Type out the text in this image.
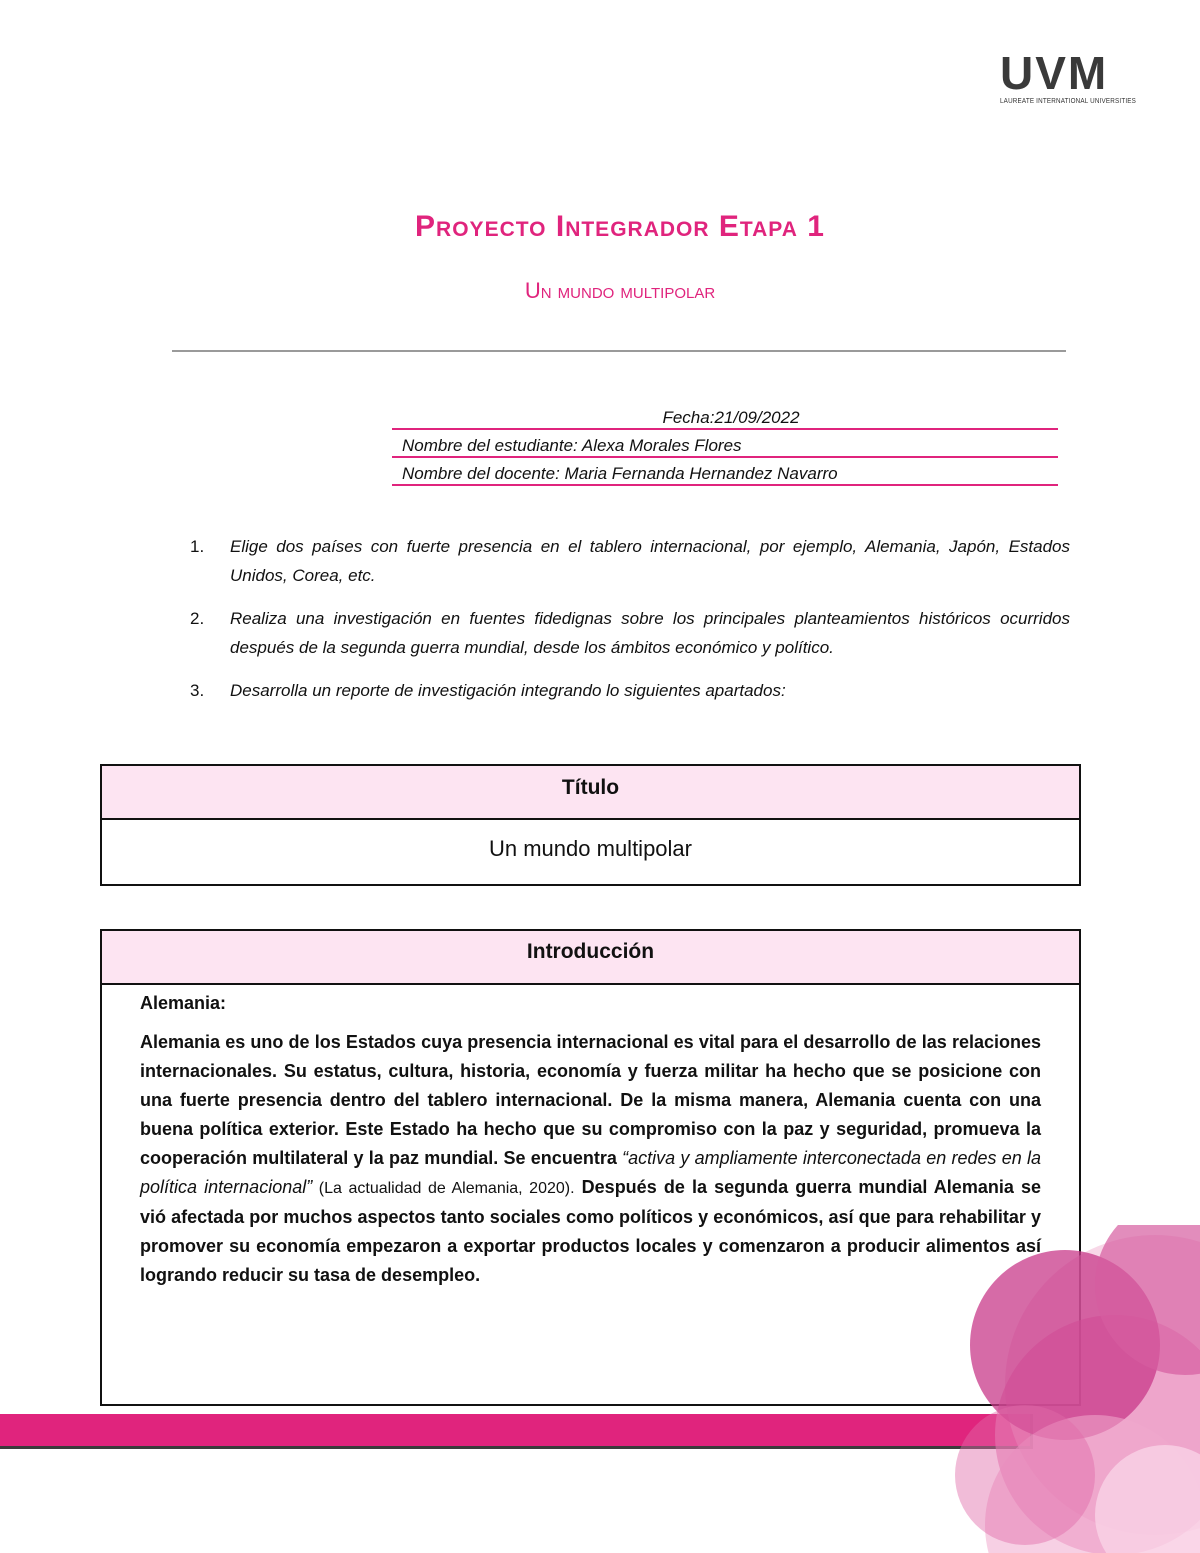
UVM
LAUREATE INTERNATIONAL UNIVERSITIES
Proyecto Integrador Etapa 1
Un mundo multipolar
Fecha:21/09/2022
Nombre del estudiante: Alexa Morales Flores
Nombre del docente: Maria Fernanda Hernandez Navarro
1.	Elige dos países con fuerte presencia en el tablero internacional, por ejemplo, Alemania, Japón, Estados Unidos, Corea, etc.
2.	Realiza una investigación en fuentes fidedignas sobre los principales planteamientos históricos ocurridos después de la segunda guerra mundial, desde los ámbitos económico y político.
3.	Desarrolla un reporte de investigación integrando lo siguientes apartados:
Título
Un mundo multipolar
Introducción

Alemania:

Alemania es uno de los Estados cuya presencia internacional es vital para el desarrollo de las relaciones internacionales. Su estatus, cultura, historia, economía y fuerza militar ha hecho que se posicione con una fuerte presencia dentro del tablero internacional. De la misma manera, Alemania cuenta con una buena política exterior. Este Estado ha hecho que su compromiso con la paz y seguridad, promueva la cooperación multilateral y la paz mundial. Se encuentra “activa y ampliamente interconectada en redes en la política internacional” (La actualidad de Alemania, 2020). Después de la segunda guerra mundial Alemania se vió afectada por muchos aspectos tanto sociales como políticos y económicos, así que para rehabilitar y promover su economía empezaron a exportar productos locales y comenzaron a producir alimentos así logrando reducir su tasa de desempleo.
